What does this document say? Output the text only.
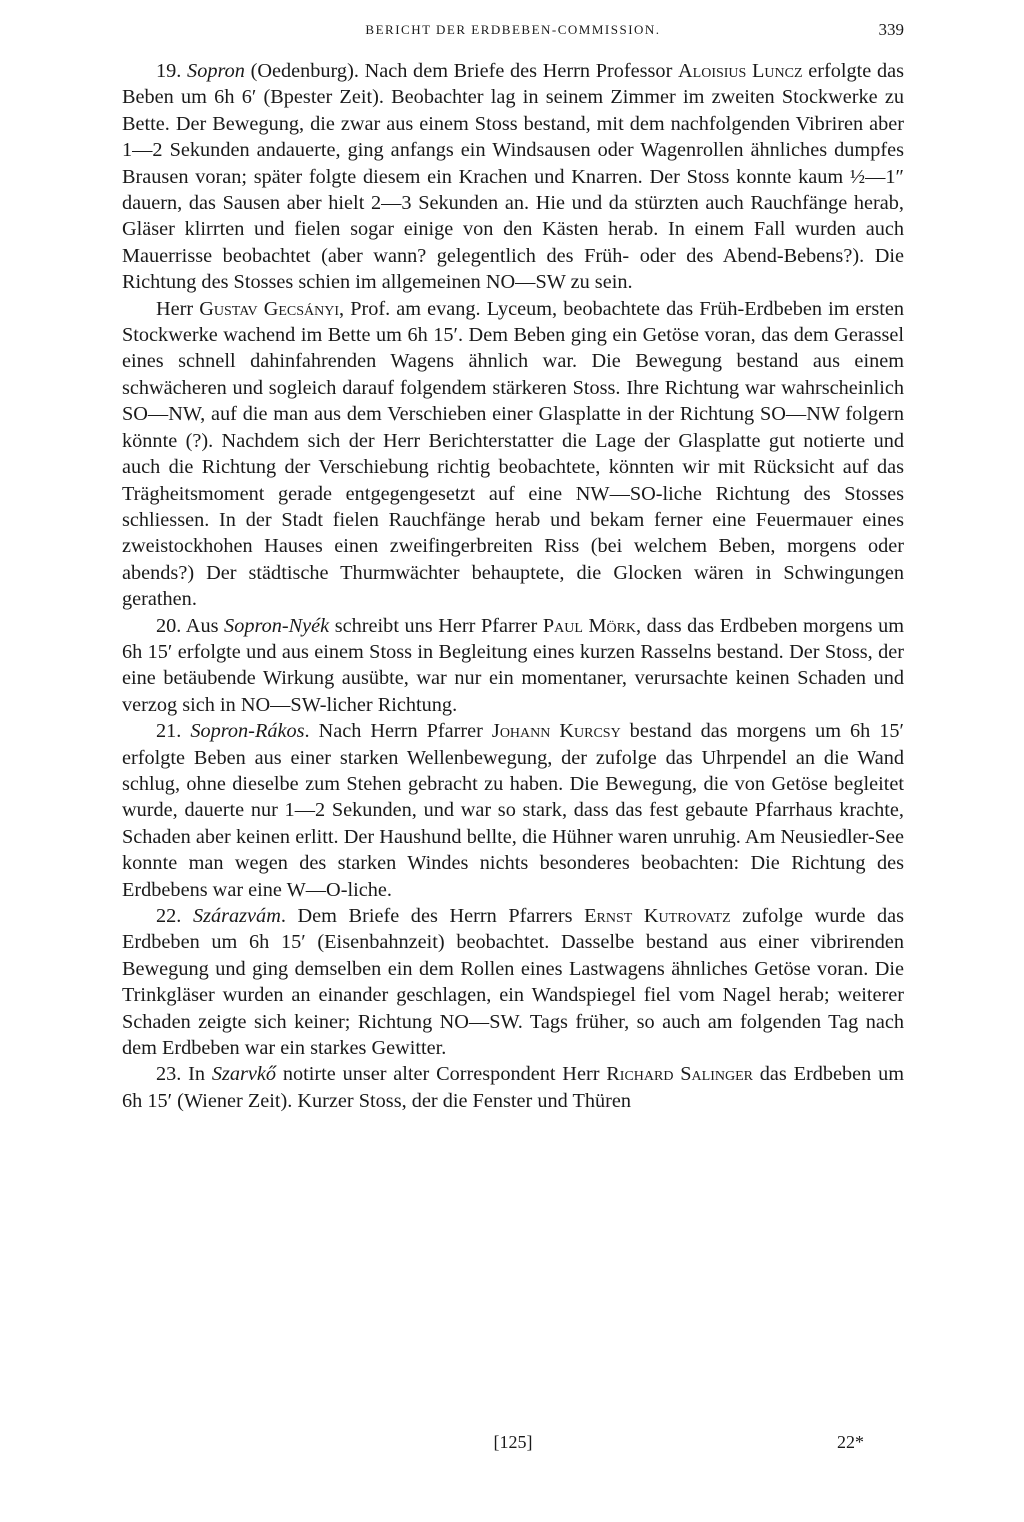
BERICHT DER ERDBEBEN-COMMISSION.	339

19. Sopron (Oedenburg). Nach dem Briefe des Herrn Professor Aloisius Luncz erfolgte das Beben um 6h 6′ (Bpester Zeit). Beobachter lag in seinem Zimmer im zweiten Stockwerke zu Bette. Der Bewegung, die zwar aus einem Stoss bestand, mit dem nachfolgenden Vibriren aber 1—2 Sekunden andauerte, ging anfangs ein Windsausen oder Wagenrollen ähnliches dumpfes Brausen voran; später folgte diesem ein Krachen und Knarren. Der Stoss konnte kaum ½—1″ dauern, das Sausen aber hielt 2—3 Sekunden an. Hie und da stürzten auch Rauchfänge herab, Gläser klirrten und fielen sogar einige von den Kästen herab. In einem Fall wurden auch Mauerrisse beobachtet (aber wann? gelegentlich des Früh- oder des Abend-Bebens?). Die Richtung des Stosses schien im allgemeinen NO—SW zu sein.

Herr Gustav Gecsányi, Prof. am evang. Lyceum, beobachtete das Früh-Erdbeben im ersten Stockwerke wachend im Bette um 6h 15′. Dem Beben ging ein Getöse voran, das dem Gerassel eines schnell dahinfahrenden Wagens ähnlich war. Die Bewegung bestand aus einem schwächeren und sogleich darauf folgendem stärkeren Stoss. Ihre Richtung war wahrscheinlich SO—NW, auf die man aus dem Verschieben einer Glasplatte in der Richtung SO—NW folgern könnte (?). Nachdem sich der Herr Berichterstatter die Lage der Glasplatte gut notierte und auch die Richtung der Verschiebung richtig beobachtete, könnten wir mit Rücksicht auf das Trägheitsmoment gerade entgegengesetzt auf eine NW—SO-liche Richtung des Stosses schliessen. In der Stadt fielen Rauchfänge herab und bekam ferner eine Feuermauer eines zweistockhohen Hauses einen zweifingerbreiten Riss (bei welchem Beben, morgens oder abends?) Der städtische Thurmwächter behauptete, die Glocken wären in Schwingungen gerathen.

20. Aus Sopron-Nyék schreibt uns Herr Pfarrer Paul Mörk, dass das Erdbeben morgens um 6h 15′ erfolgte und aus einem Stoss in Begleitung eines kurzen Rasselns bestand. Der Stoss, der eine betäubende Wirkung ausübte, war nur ein momentaner, verursachte keinen Schaden und verzog sich in NO—SW-licher Richtung.

21. Sopron-Rákos. Nach Herrn Pfarrer Johann Kurcsy bestand das morgens um 6h 15′ erfolgte Beben aus einer starken Wellenbewegung, der zufolge das Uhrpendel an die Wand schlug, ohne dieselbe zum Stehen gebracht zu haben. Die Bewegung, die von Getöse begleitet wurde, dauerte nur 1—2 Sekunden, und war so stark, dass das fest gebaute Pfarrhaus krachte, Schaden aber keinen erlitt. Der Haushund bellte, die Hühner waren unruhig. Am Neusiedler-See konnte man wegen des starken Windes nichts besonderes beobachten: Die Richtung des Erdbebens war eine W—O-liche.

22. Szárazvám. Dem Briefe des Herrn Pfarrers Ernst Kutrovatz zufolge wurde das Erdbeben um 6h 15′ (Eisenbahnzeit) beobachtet. Dasselbe bestand aus einer vibrirenden Bewegung und ging demselben ein dem Rollen eines Lastwagens ähnliches Getöse voran. Die Trinkgläser wurden an einander geschlagen, ein Wandspiegel fiel vom Nagel herab; weiterer Schaden zeigte sich keiner; Richtung NO—SW. Tags früher, so auch am folgenden Tag nach dem Erdbeben war ein starkes Gewitter.

23. In Szarvkő notirte unser alter Correspondent Herr Richard Salinger das Erdbeben um 6h 15′ (Wiener Zeit). Kurzer Stoss, der die Fenster und Thüren

[125]	22*
